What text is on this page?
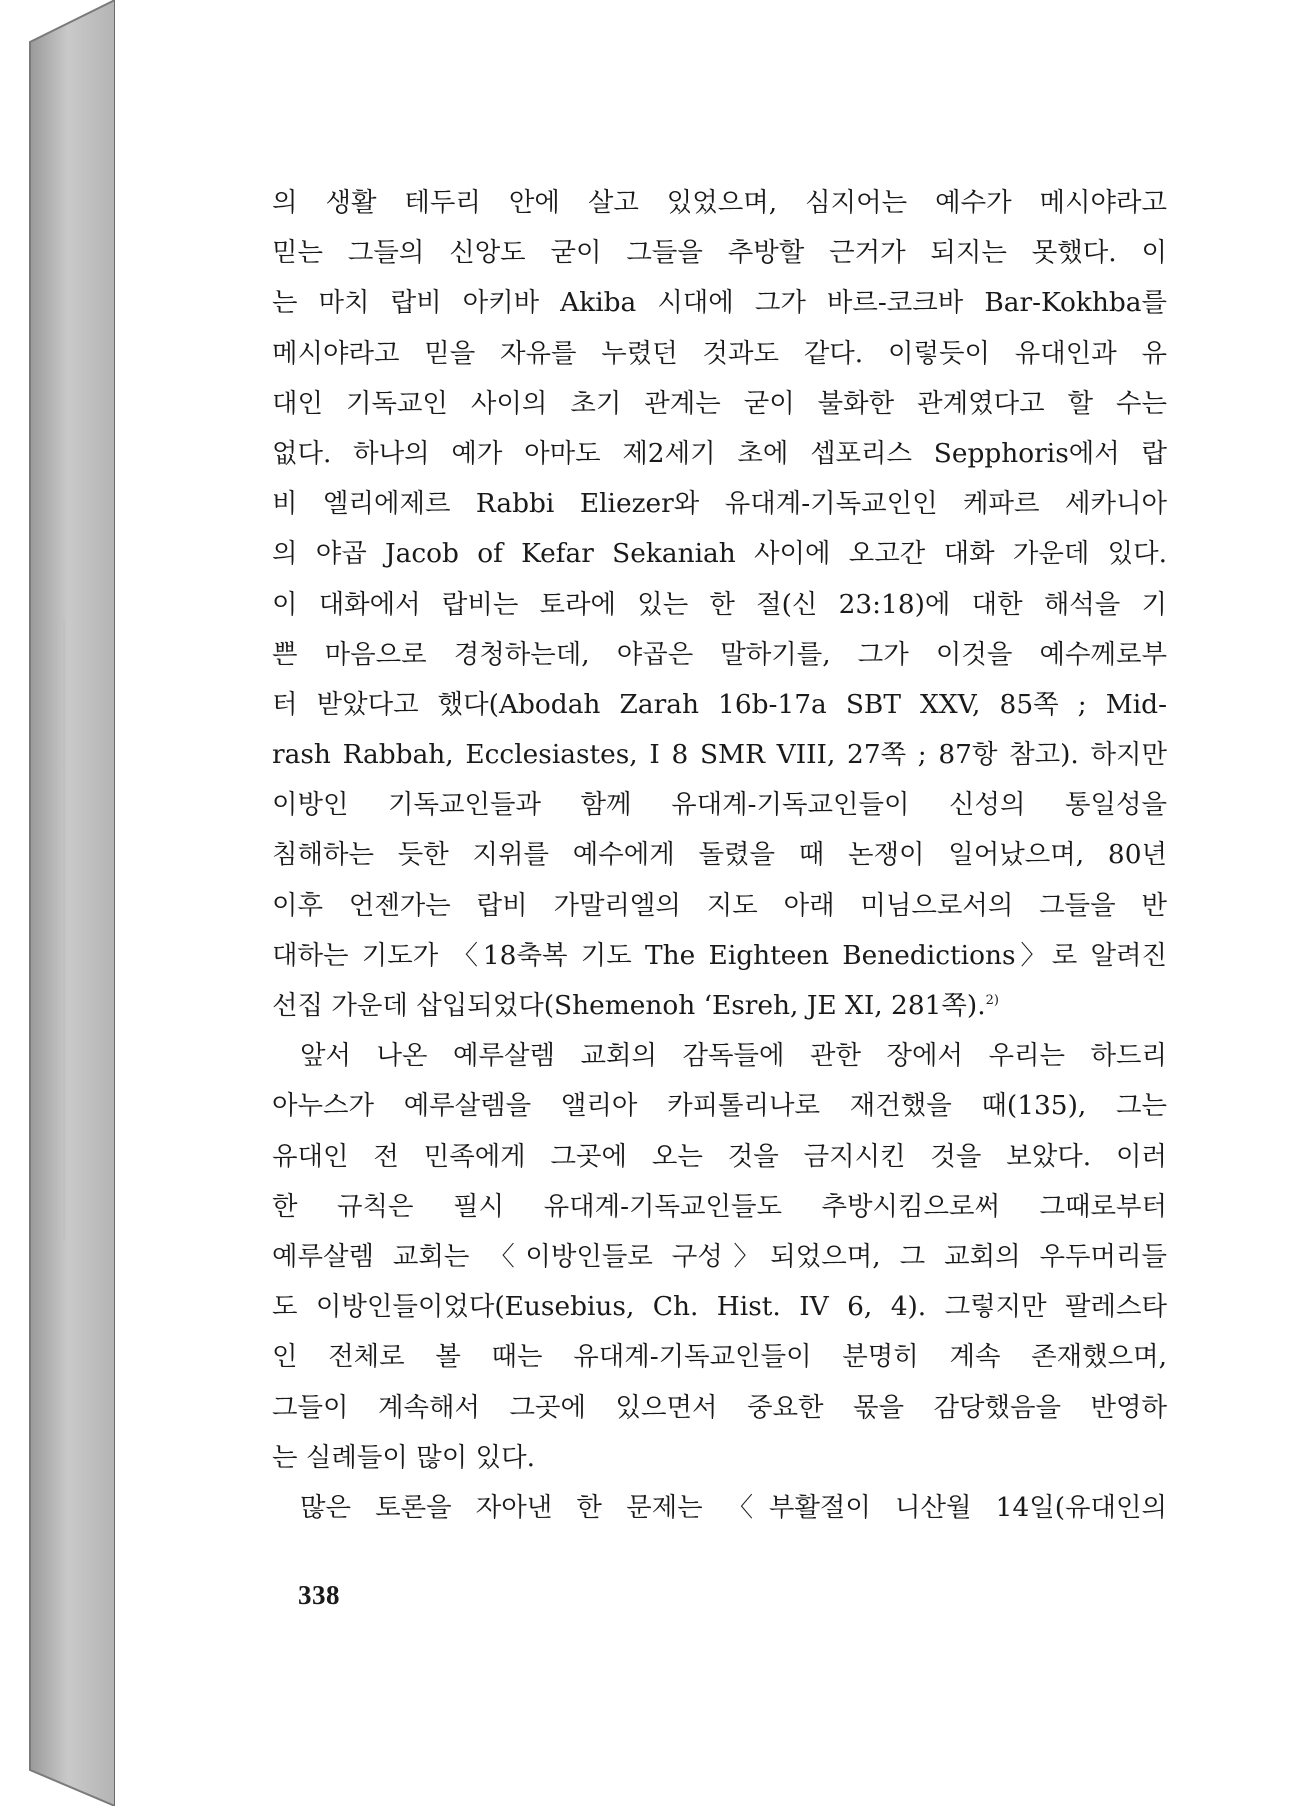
의 생활 테두리 안에 살고 있었으며, 심지어는 예수가 메시야라고
믿는 그들의 신앙도 굳이 그들을 추방할 근거가 되지는 못했다. 이
는 마치 랍비 아키바 Akiba 시대에 그가 바르-코크바 Bar-Kokhba를
메시야라고 믿을 자유를 누렸던 것과도 같다. 이렇듯이 유대인과 유
대인 기독교인 사이의 초기 관계는 굳이 불화한 관계였다고 할 수는
없다. 하나의 예가 아마도 제2세기 초에 셉포리스 Sepphoris에서 랍
비 엘리에제르 Rabbi Eliezer와 유대계-기독교인인 케파르 세카니아
의 야곱 Jacob of Kefar Sekaniah 사이에 오고간 대화 가운데 있다.
이 대화에서 랍비는 토라에 있는 한 절(신 23:18)에 대한 해석을 기
쁜 마음으로 경청하는데, 야곱은 말하기를, 그가 이것을 예수께로부
터 받았다고 했다(Abodah Zarah 16b-17a SBT XXV, 85쪽 ; Mid-
rash Rabbah, Ecclesiastes, I 8 SMR VIII, 27쪽 ; 87항 참고). 하지만
이방인 기독교인들과 함께 유대계-기독교인들이 신성의 통일성을
침해하는 듯한 지위를 예수에게 돌렸을 때 논쟁이 일어났으며, 80년
이후 언젠가는 랍비 가말리엘의 지도 아래 미님으로서의 그들을 반
대하는 기도가 〈18축복 기도 The Eighteen Benedictions〉로 알려진
선집 가운데 삽입되었다(Shemenoh ‘Esreh, JE XI, 281쪽).$^{2)}$
앞서 나온 예루살렘 교회의 감독들에 관한 장에서 우리는 하드리
아누스가 예루살렘을 앨리아 카피톨리나로 재건했을 때(135), 그는
유대인 전 민족에게 그곳에 오는 것을 금지시킨 것을 보았다. 이러
한 규칙은 필시 유대계-기독교인들도 추방시킴으로써 그때로부터
예루살렘 교회는 〈이방인들로 구성〉되었으며, 그 교회의 우두머리들
도 이방인들이었다(Eusebius, Ch. Hist. IV 6, 4). 그렇지만 팔레스타
인 전체로 볼 때는 유대계-기독교인들이 분명히 계속 존재했으며,
그들이 계속해서 그곳에 있으면서 중요한 몫을 감당했음을 반영하
는 실례들이 많이 있다.
많은 토론을 자아낸 한 문제는 〈부활절이 니산월 14일(유대인의
338
